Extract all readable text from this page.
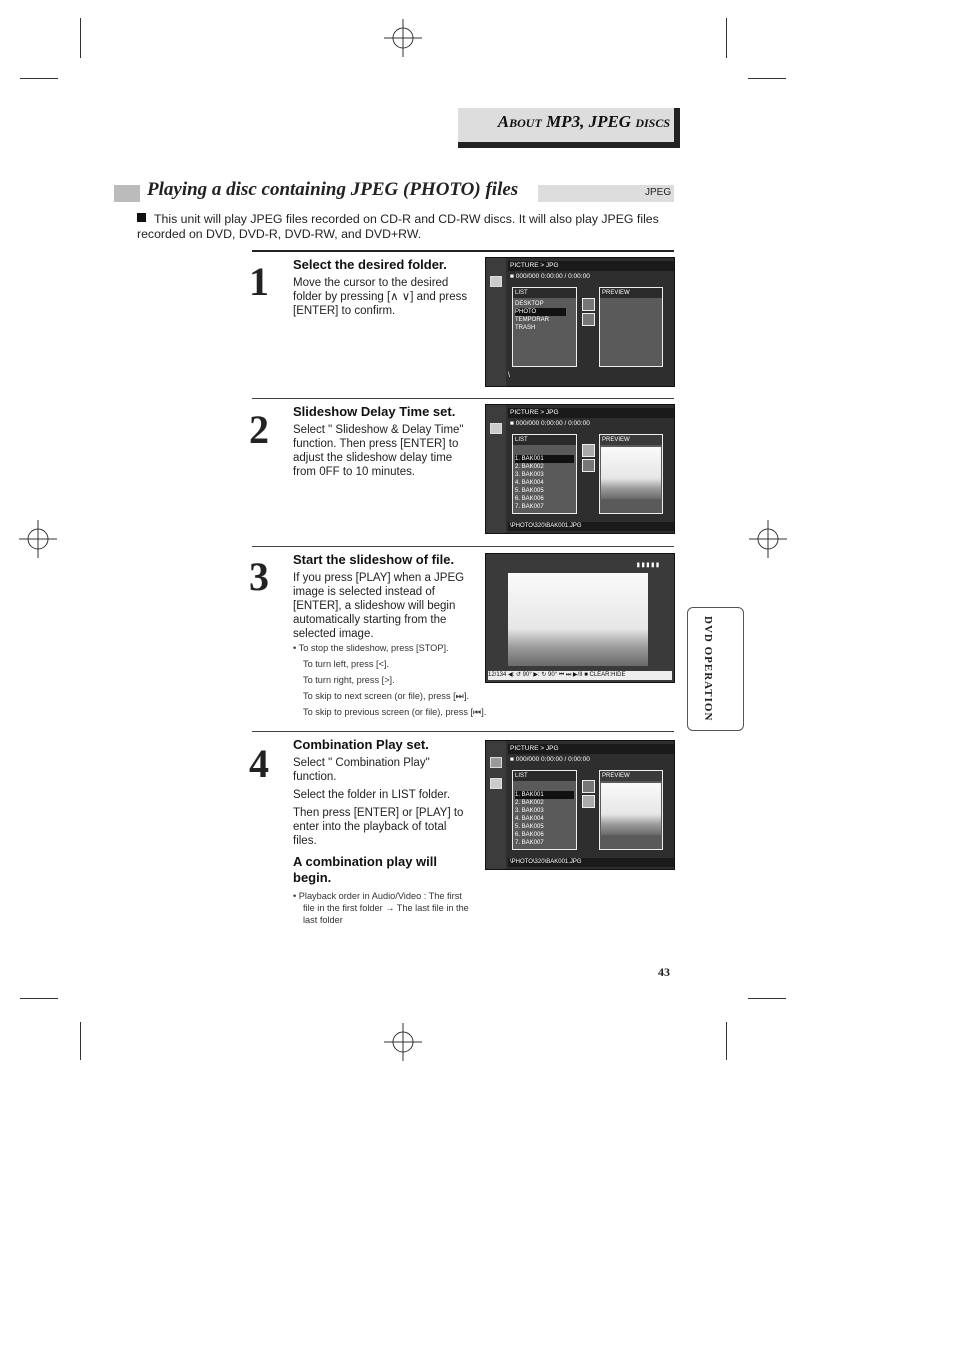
ABOUT MP3, JPEG DISCS
Playing a disc containing JPEG (PHOTO) files	JPEG
This unit will play JPEG files recorded on CD-R and CD-RW discs. It will also play JPEG files recorded on DVD, DVD-R, DVD-RW, and DVD+RW.
1 Select the desired folder.
Move the cursor to the desired folder by pressing [∧ ∨] and press [ENTER] to confirm.
PICTURE > JPG
■ 000/000 0:00:00 / 0:00:00
LIST
DESKTOP
PHOTO
TEMPORAR
TRASH
PREVIEW
\
2 Slideshow Delay Time set.
Select " Slideshow & Delay Time" function. Then press [ENTER] to adjust the slideshow delay time from 0FF to 10 minutes.
PICTURE > JPG
■ 000/000 0:00:00 / 0:00:00
LIST
1. BAK001
2. BAK002
3. BAK003
4. BAK004
5. BAK005
6. BAK006
7. BAK007
PREVIEW
\PHOTO\320\BAK001.JPG
3 Start the slideshow of file.
If you press [PLAY] when a JPEG image is selected instead of [ENTER], a slideshow will begin automatically starting from the selected image.
• To stop the slideshow, press [STOP].
To turn left, press [<].
To turn right, press [>].
To skip to next screen (or file), press [⏭].
To skip to previous screen (or file), press [⏮].
▮▮▮▮▮
12/134 ◀: ↺ 90° ▶: ↻ 90° ⏮ ⏭ ▶/II ■ CLEAR:HIDE
4 Combination Play set.
Select " Combination Play" function.
Select the folder in LIST folder.
Then press [ENTER] or [PLAY] to enter into the playback of total files.
A combination play will begin.
• Playback order in Audio/Video : The first file in the first folder → The last file in the last folder
PICTURE > JPG
■ 000/000 0:00:00 / 0:00:00
LIST
1. BAK001
2. BAK002
3. BAK003
4. BAK004
5. BAK005
6. BAK006
7. BAK007
PREVIEW
\PHOTO\320\BAK001.JPG
DVD OPERATION
43
